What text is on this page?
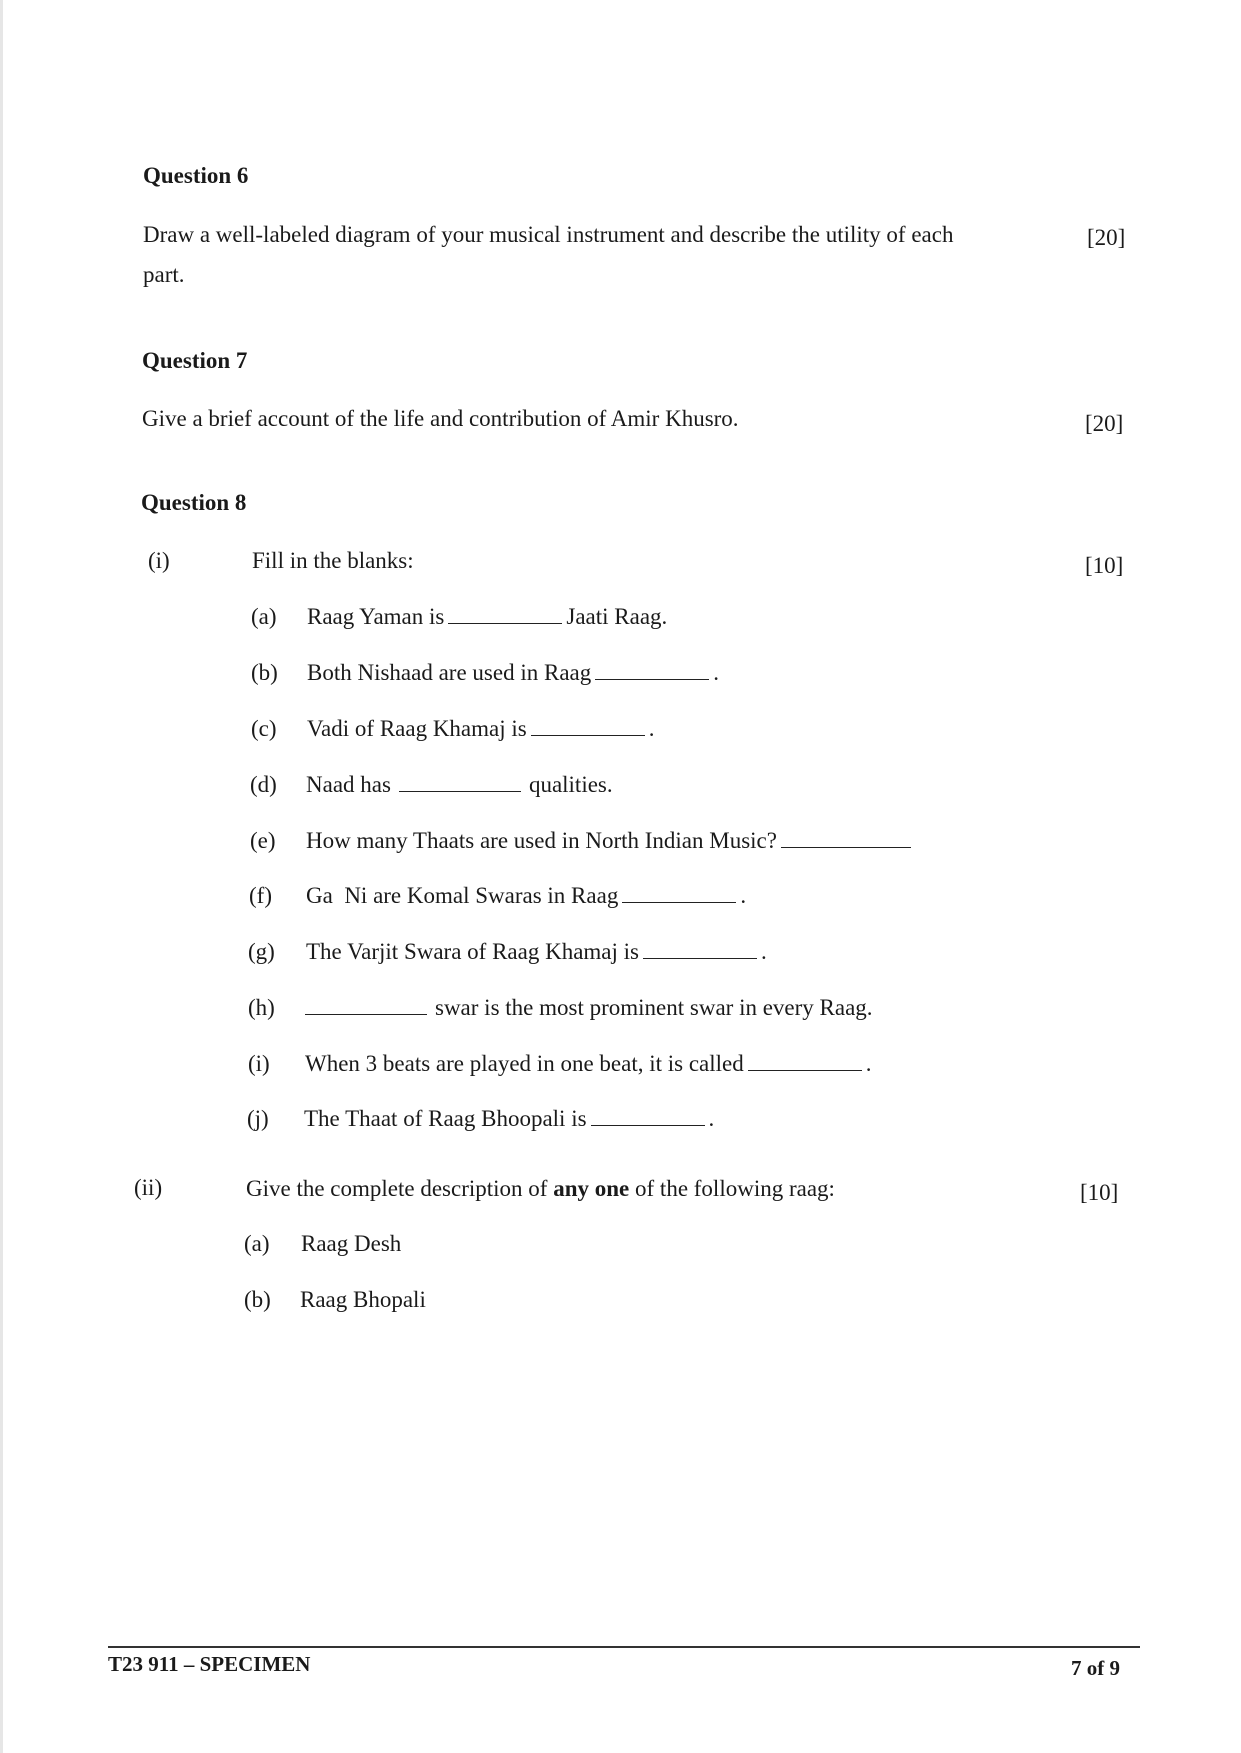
Question 6
Draw a well-labeled diagram of your musical instrument and describe the utility of each
part.
[20]
Question 7
Give a brief account of the life and contribution of Amir Khusro.	[20]
Question 8
(i)	Fill in the blanks:	[10]
(a) Raag Yaman is	Jaati Raag.
(b) Both Nishaad are used in Raag	.
(c) Vadi of Raag Khamaj is	.
(d) Naad has	qualities.
(e) How many Thaats are used in North Indian Music?
(f) Ga  Ni are Komal Swaras in Raag	.
(g) The Varjit Swara of Raag Khamaj is	.
(h)	swar is the most prominent swar in every Raag.
(i) When 3 beats are played in one beat, it is called	.
(j) The Thaat of Raag Bhoopali is	.
(ii)	Give the complete description of any one of the following raag:	[10]
(a) Raag Desh
(b) Raag Bhopali
T23 911 – SPECIMEN	7 of 9
